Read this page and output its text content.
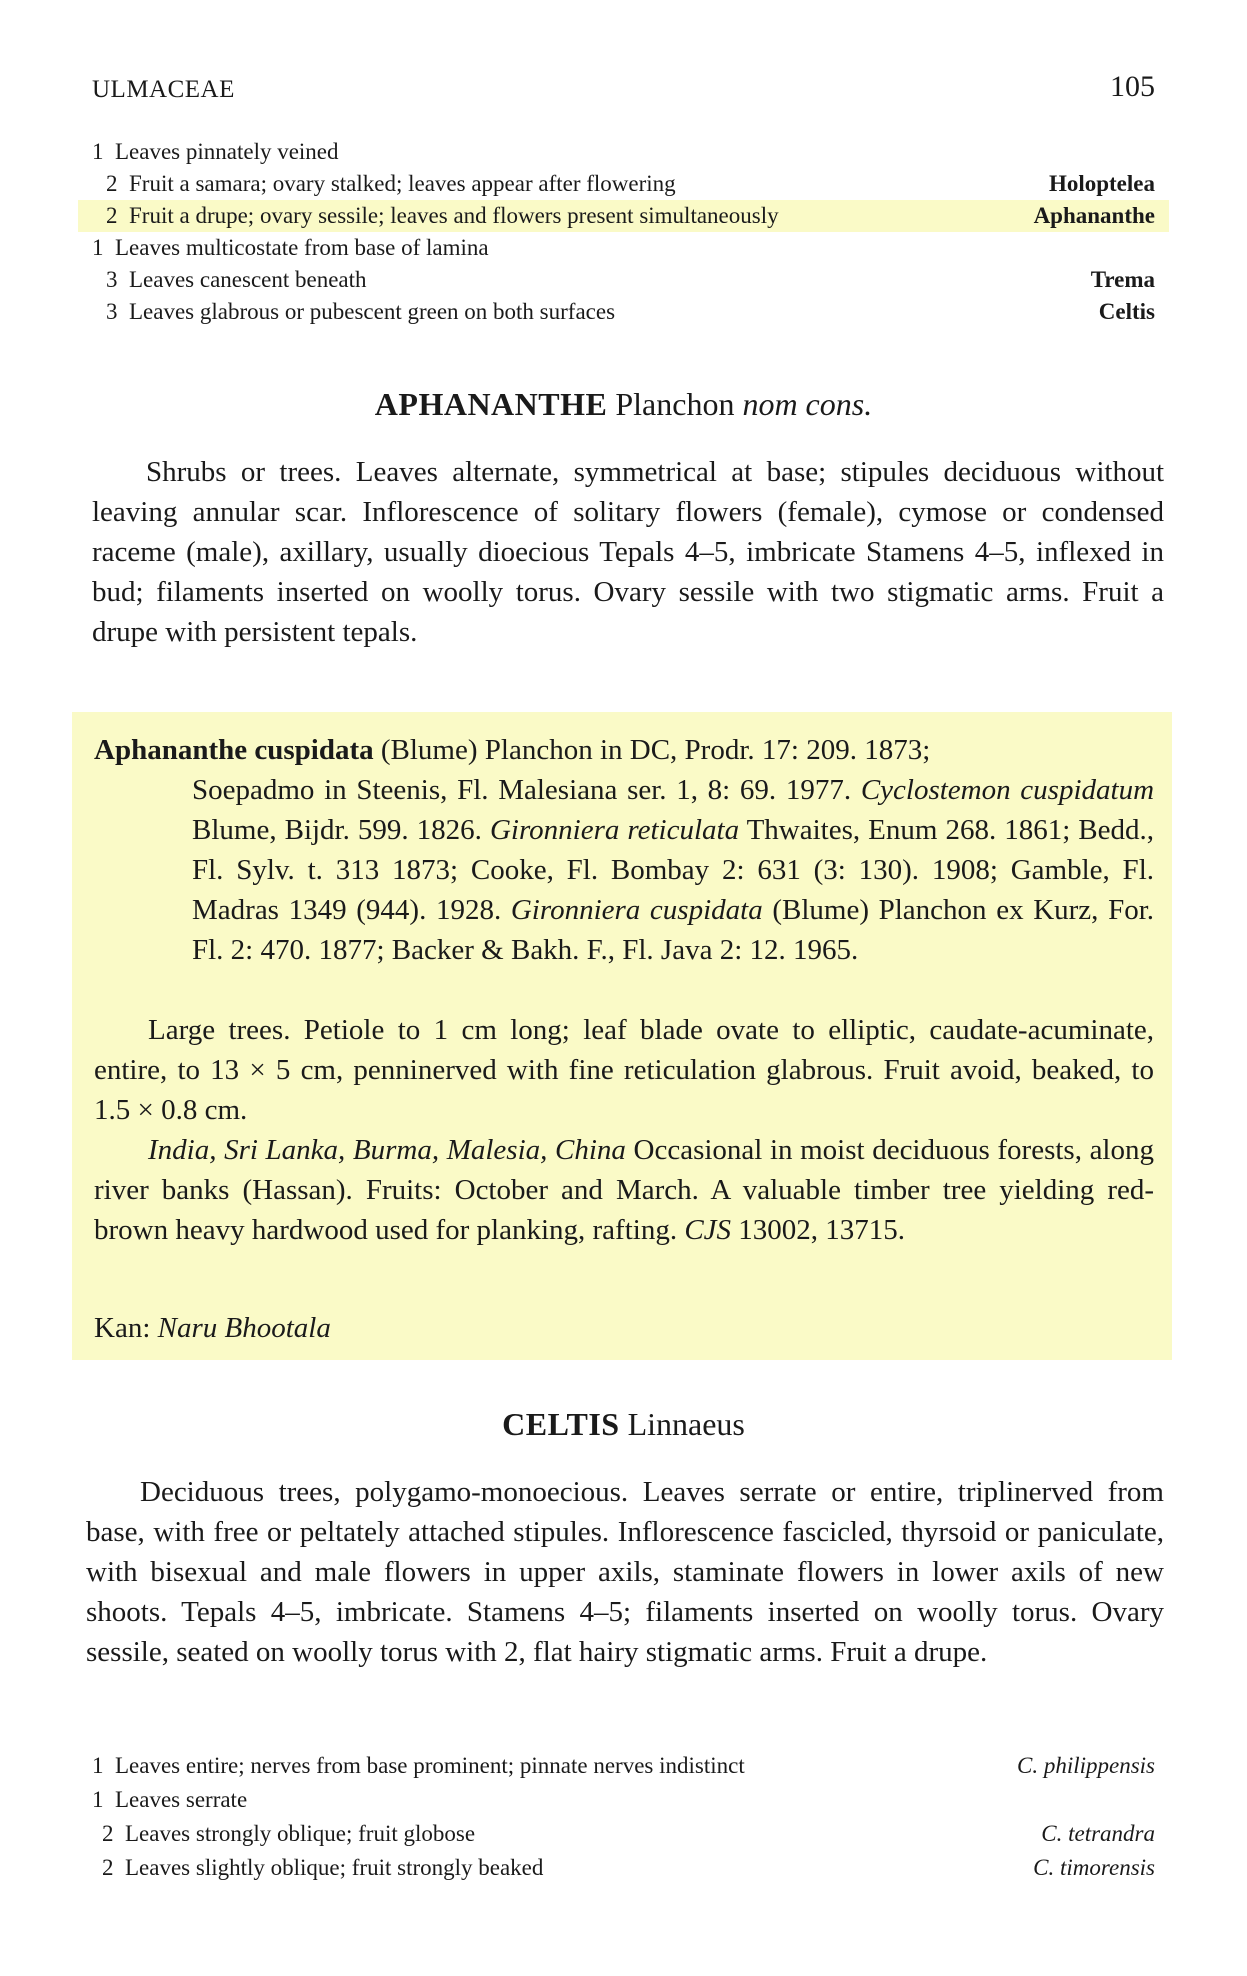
ULMACEAE	105
1 Leaves pinnately veined
2 Fruit a samara; ovary stalked; leaves appear after flowering	Holoptelea
2 Fruit a drupe; ovary sessile; leaves and flowers present simultaneously	Aphananthe
1 Leaves multicostate from base of lamina
3 Leaves canescent beneath	Trema
3 Leaves glabrous or pubescent green on both surfaces	Celtis
APHANANTHE Planchon nom cons.
Shrubs or trees. Leaves alternate, symmetrical at base; stipules deciduous without leaving annular scar. Inflorescence of solitary flowers (female), cymose or condensed raceme (male), axillary, usually dioecious Tepals 4–5, imbricate Stamens 4–5, inflexed in bud; filaments inserted on woolly torus. Ovary sessile with two stigmatic arms. Fruit a drupe with persistent tepals.
Aphananthe cuspidata (Blume) Planchon in DC, Prodr. 17: 209. 1873;
Soepadmo in Steenis, Fl. Malesiana ser. 1, 8: 69. 1977. Cyclostemon cuspidatum Blume, Bijdr. 599. 1826. Gironniera reticulata Thwaites, Enum 268. 1861; Bedd., Fl. Sylv. t. 313 1873; Cooke, Fl. Bombay 2: 631 (3: 130). 1908; Gamble, Fl. Madras 1349 (944). 1928. Gironniera cuspidata (Blume) Planchon ex Kurz, For. Fl. 2: 470. 1877; Backer & Bakh. F., Fl. Java 2: 12. 1965.
Large trees. Petiole to 1 cm long; leaf blade ovate to elliptic, caudate-acuminate, entire, to 13 × 5 cm, penninerved with fine reticulation glabrous. Fruit avoid, beaked, to 1.5 × 0.8 cm.
India, Sri Lanka, Burma, Malesia, China Occasional in moist deciduous forests, along river banks (Hassan). Fruits: October and March. A valuable timber tree yielding red-brown heavy hardwood used for planking, rafting. CJS 13002, 13715.
Kan: Naru Bhootala
CELTIS Linnaeus
Deciduous trees, polygamo-monoecious. Leaves serrate or entire, triplinerved from base, with free or peltately attached stipules. Inflorescence fascicled, thyrsoid or paniculate, with bisexual and male flowers in upper axils, staminate flowers in lower axils of new shoots. Tepals 4–5, imbricate. Stamens 4–5; filaments inserted on woolly torus. Ovary sessile, seated on woolly torus with 2, flat hairy stigmatic arms. Fruit a drupe.
1 Leaves entire; nerves from base prominent; pinnate nerves indistinct	C. philippensis
1 Leaves serrate
2 Leaves strongly oblique; fruit globose	C. tetrandra
2 Leaves slightly oblique; fruit strongly beaked	C. timorensis
